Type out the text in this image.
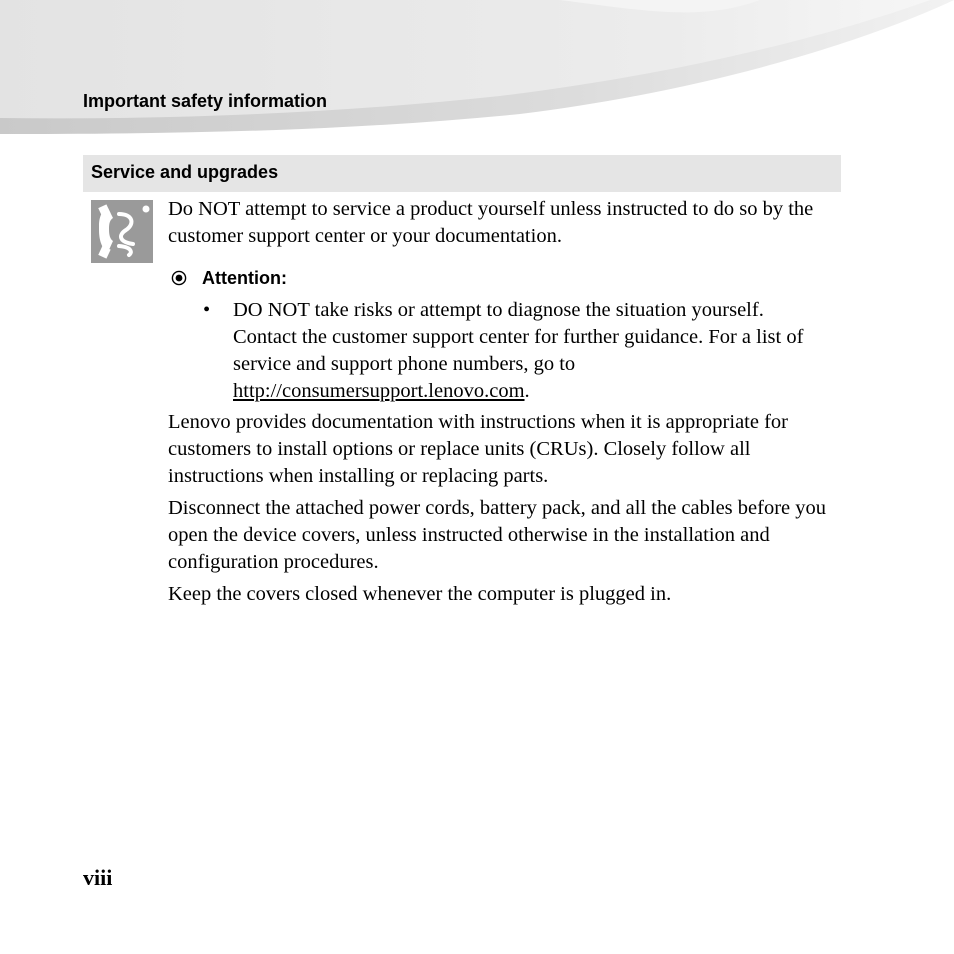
Important safety information
Service and upgrades

Do NOT attempt to service a product yourself unless instructed to do so by the customer support center or your documentation.

Attention:
• DO NOT take risks or attempt to diagnose the situation yourself. Contact the customer support center for further guidance. For a list of service and support phone numbers, go to http://consumersupport.lenovo.com.

Lenovo provides documentation with instructions when it is appropriate for customers to install options or replace units (CRUs). Closely follow all instructions when installing or replacing parts.

Disconnect the attached power cords, battery pack, and all the cables before you open the device covers, unless instructed otherwise in the installation and configuration procedures.

Keep the covers closed whenever the computer is plugged in.

viii
